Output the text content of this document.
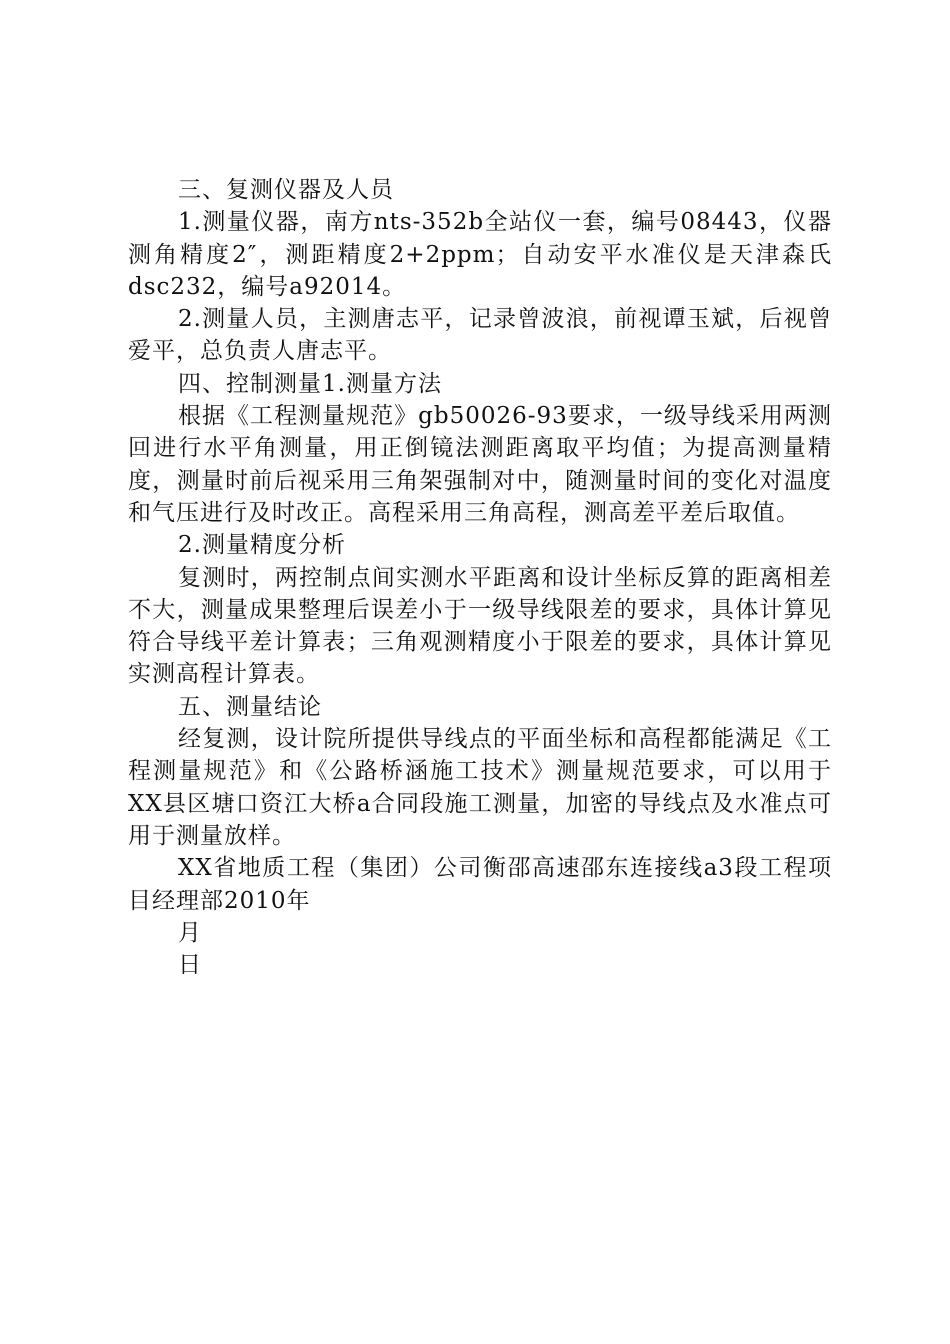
三、复测仪器及人员

1.测量仪器，南方nts-352b全站仪一套，编号08443，仪器测角精度2″，测距精度2+2ppm；自动安平水准仪是天津森氏dsc232，编号a92014。

2.测量人员，主测唐志平，记录曾波浪，前视谭玉斌，后视曾爱平，总负责人唐志平。

四、控制测量1.测量方法

根据《工程测量规范》gb50026-93要求，一级导线采用两测回进行水平角测量，用正倒镜法测距离取平均值；为提高测量精度，测量时前后视采用三角架强制对中，随测量时间的变化对温度和气压进行及时改正。高程采用三角高程，测高差平差后取值。

2.测量精度分析

复测时，两控制点间实测水平距离和设计坐标反算的距离相差不大，测量成果整理后误差小于一级导线限差的要求，具体计算见符合导线平差计算表；三角观测精度小于限差的要求，具体计算见实测高程计算表。

五、测量结论

经复测，设计院所提供导线点的平面坐标和高程都能满足《工程测量规范》和《公路桥涵施工技术》测量规范要求，可以用于XX县区塘口资江大桥a合同段施工测量，加密的导线点及水准点可用于测量放样。

XX省地质工程（集团）公司衡邵高速邵东连接线a3段工程项目经理部2010年

月

日
